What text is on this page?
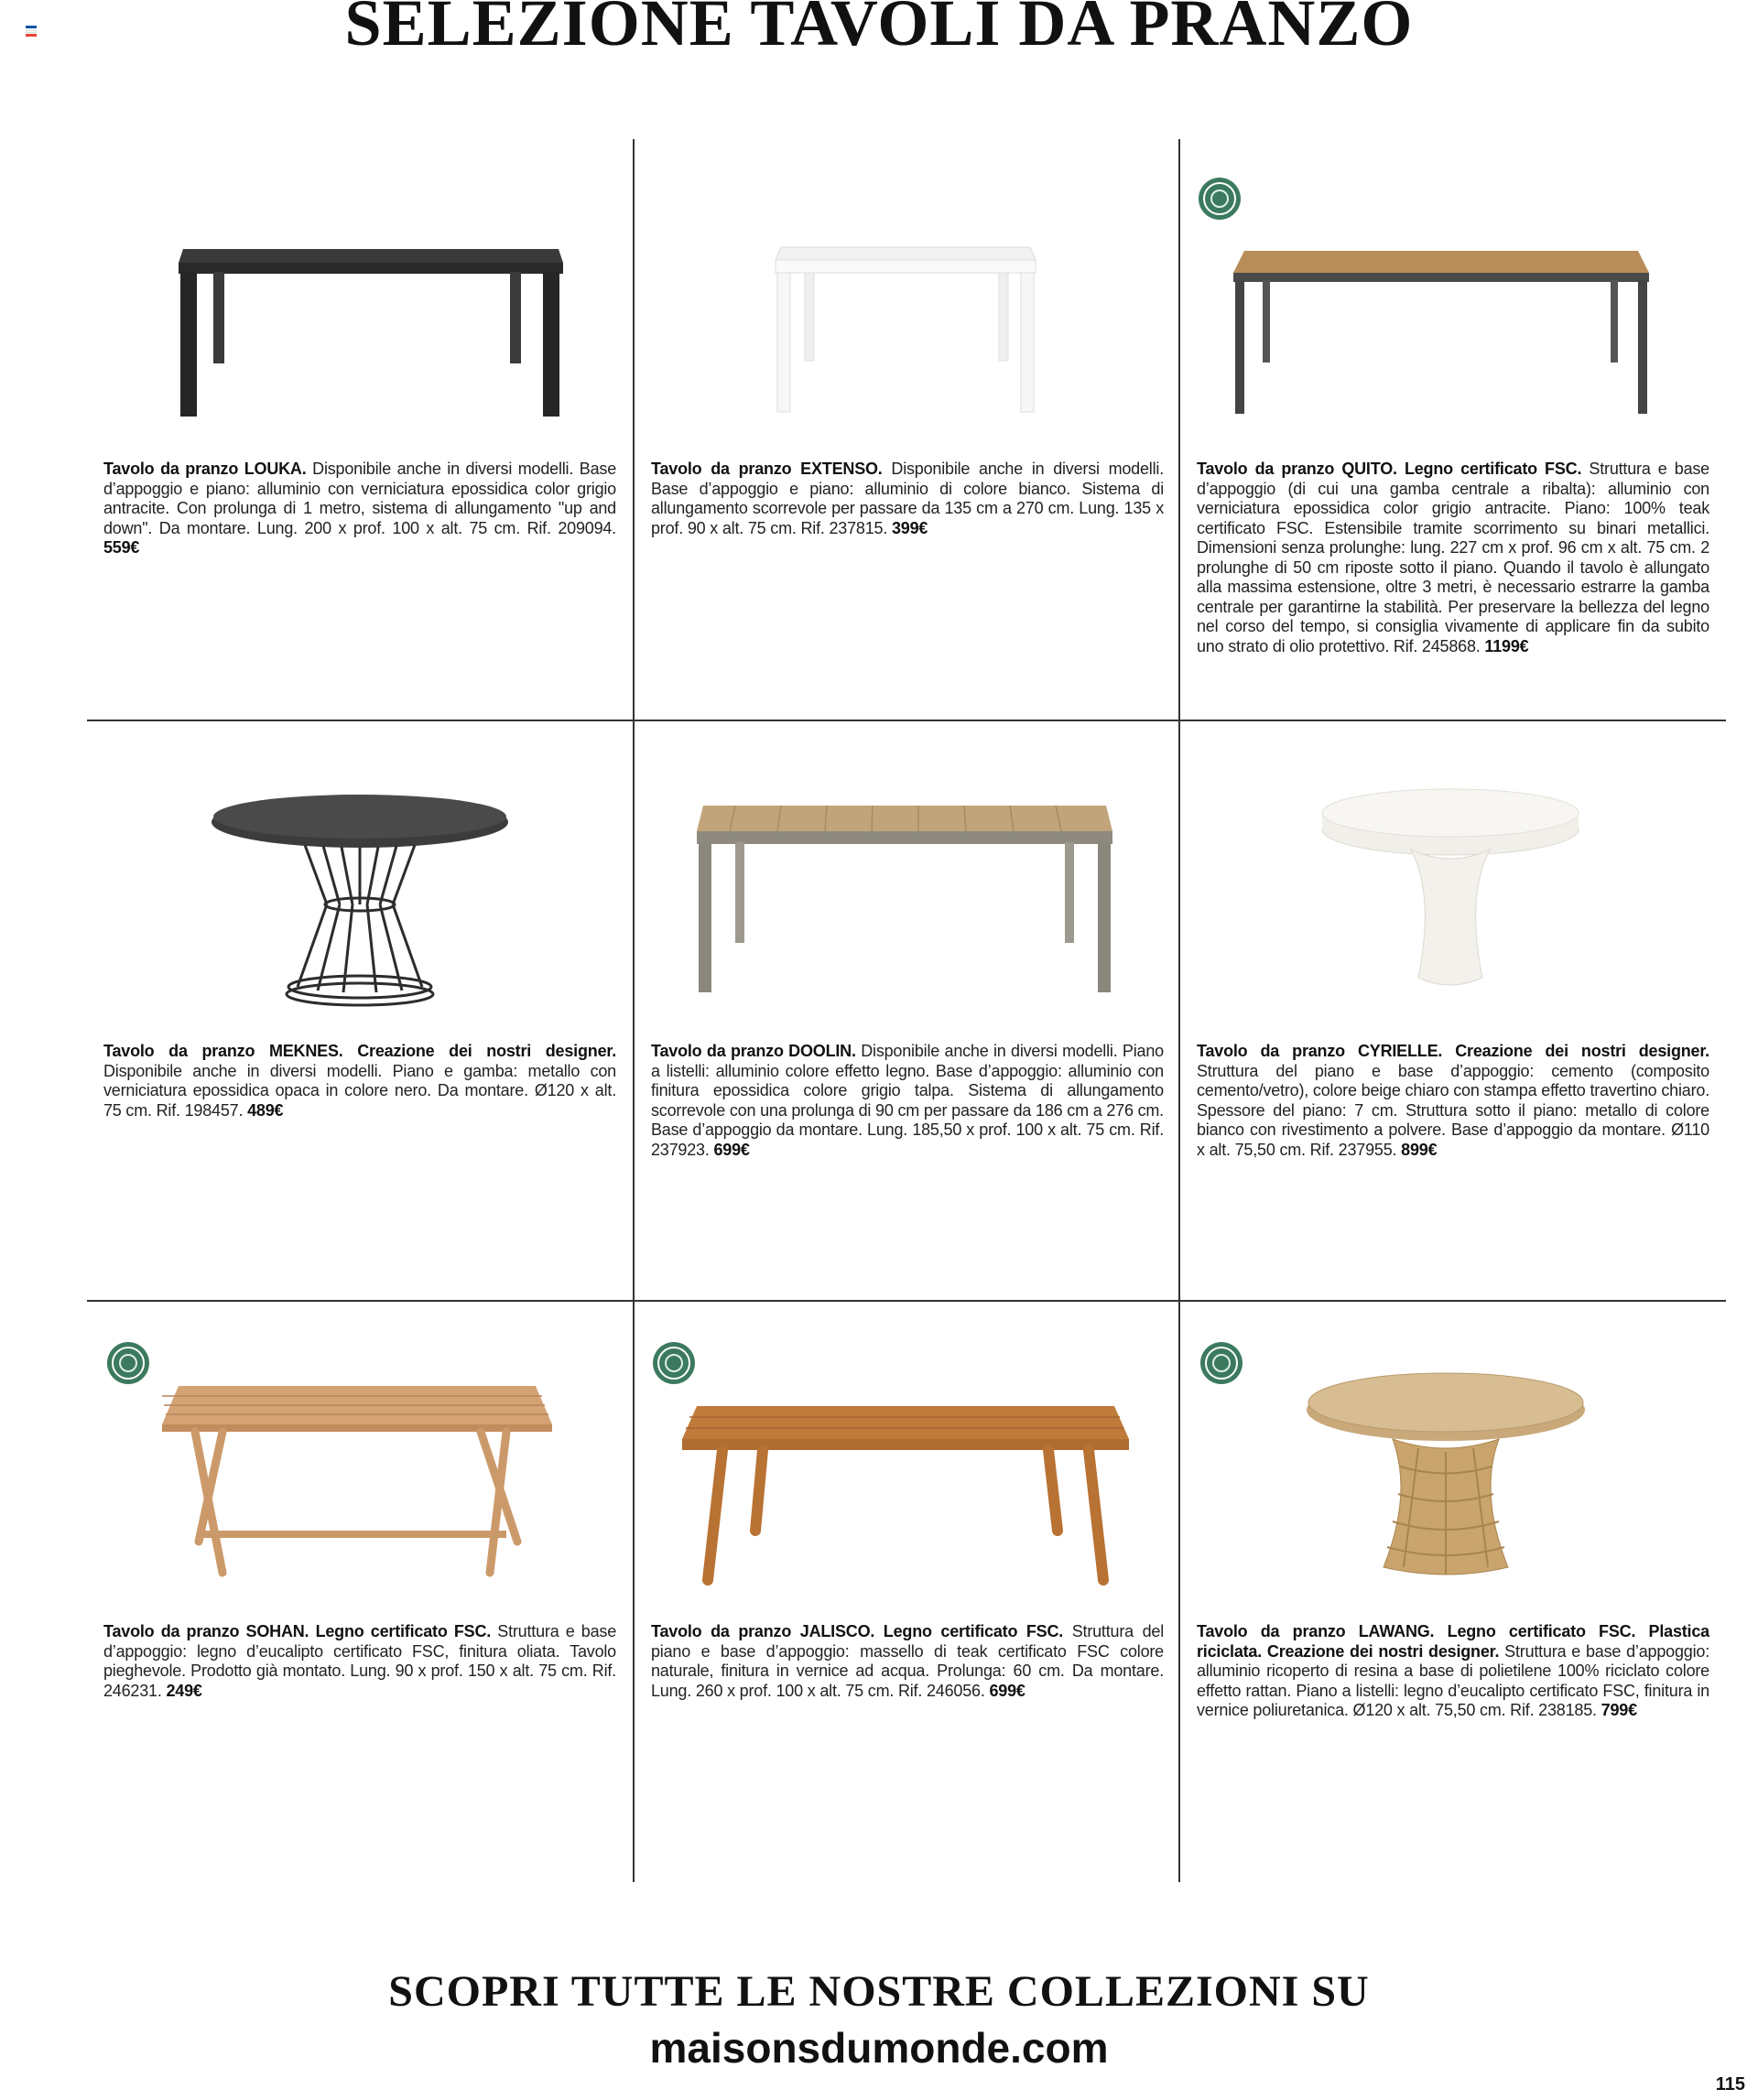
SELEZIONE TAVOLI DA PRANZO
Tavolo da pranzo LOUKA. Disponibile anche in diversi modelli. Base d’appoggio e piano: alluminio con verniciatura epossidica color grigio antracite. Con prolunga di 1 metro, sistema di allungamento "up and down". Da montare. Lung. 200 x prof. 100 x alt. 75 cm. Rif. 209094. 559€
Tavolo da pranzo EXTENSO. Disponibile anche in diversi modelli. Base d’appoggio e piano: alluminio di colore bianco. Sistema di allungamento scorrevole per passare da 135 cm a 270 cm. Lung. 135 x prof. 90 x alt. 75 cm. Rif. 237815. 399€
Tavolo da pranzo QUITO. Legno certificato FSC. Struttura e base d’appoggio (di cui una gamba centrale a ribalta): alluminio con verniciatura epossidica color grigio antracite. Piano: 100% teak certificato FSC. Estensibile tramite scorrimento su binari metallici. Dimensioni senza prolunghe: lung. 227 cm x prof. 96 cm x alt. 75 cm. 2 prolunghe di 50 cm riposte sotto il piano. Quando il tavolo è allungato alla massima estensione, oltre 3 metri, è necessario estrarre la gamba centrale per garantirne la stabilità. Per preservare la bellezza del legno nel corso del tempo, si consiglia vivamente di applicare fin da subito uno strato di olio protettivo. Rif. 245868. 1199€
Tavolo da pranzo MEKNES. Creazione dei nostri designer. Disponibile anche in diversi modelli. Piano e gamba: metallo con verniciatura epossidica opaca in colore nero. Da montare. Ø120 x alt. 75 cm. Rif. 198457. 489€
Tavolo da pranzo DOOLIN. Disponibile anche in diversi modelli. Piano a listelli: alluminio colore effetto legno. Base d’appoggio: alluminio con finitura epossidica colore grigio talpa. Sistema di allungamento scorrevole con una prolunga di 90 cm per passare da 186 cm a 276 cm. Base d’appoggio da montare. Lung. 185,50 x prof. 100 x alt. 75 cm. Rif. 237923. 699€
Tavolo da pranzo CYRIELLE. Creazione dei nostri designer. Struttura del piano e base d’appoggio: cemento (composito cemento/vetro), colore beige chiaro con stampa effetto travertino chiaro. Spessore del piano: 7 cm. Struttura sotto il piano: metallo di colore bianco con rivestimento a polvere. Base d’appoggio da montare. Ø110 x alt. 75,50 cm. Rif. 237955. 899€
Tavolo da pranzo SOHAN. Legno certificato FSC. Struttura e base d’appoggio: legno d’eucalipto certificato FSC, finitura oliata. Tavolo pieghevole. Prodotto già montato. Lung. 90 x prof. 150 x alt. 75 cm. Rif. 246231. 249€
Tavolo da pranzo JALISCO. Legno certificato FSC. Struttura del piano e base d’appoggio: massello di teak certificato FSC colore naturale, finitura in vernice ad acqua. Prolunga: 60 cm. Da montare. Lung. 260 x prof. 100 x alt. 75 cm. Rif. 246056. 699€
Tavolo da pranzo LAWANG. Legno certificato FSC. Plastica riciclata. Creazione dei nostri designer. Struttura e base d’appoggio: alluminio ricoperto di resina a base di polietilene 100% riciclato colore effetto rattan. Piano a listelli: legno d’eucalipto certificato FSC, finitura in vernice poliuretanica. Ø120 x alt. 75,50 cm. Rif. 238185. 799€
SCOPRI TUTTE LE NOSTRE COLLEZIONI SU
maisonsdumonde.com
115
